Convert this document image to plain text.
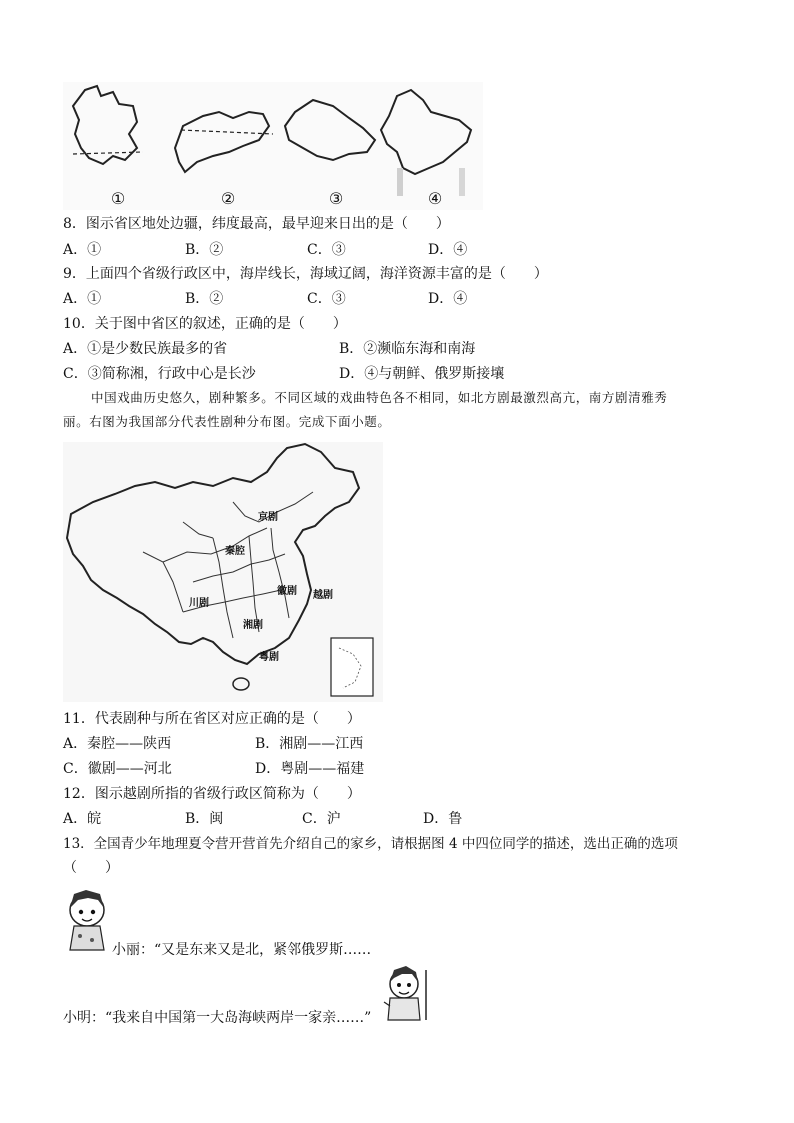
①	②	③	④
8．图示省区地处边疆，纬度最高，最早迎来日出的是（　　）
A．①	B．②	C．③	D．④
9．上面四个省级行政区中，海岸线长，海域辽阔，海洋资源丰富的是（　　）
A．①	B．②	C．③	D．④
10．关于图中省区的叙述，正确的是（　　）
A．①是少数民族最多的省	B．②濒临东海和南海
C．③简称湘，行政中心是长沙	D．④与朝鲜、俄罗斯接壤
中国戏曲历史悠久，剧种繁多。不同区域的戏曲特色各不相同，如北方剧最激烈高亢，南方剧清雅秀
丽。右图为我国部分代表性剧种分布图。完成下面小题。
京剧
秦腔
川剧
徽剧 越剧
湘剧
粤剧
11．代表剧种与所在省区对应正确的是（　　）
A．秦腔——陕西	B．湘剧——江西
C．徽剧——河北	D．粤剧——福建
12．图示越剧所指的省级行政区简称为（　　）
A．皖	B．闽	C．沪	D．鲁
13．全国青少年地理夏令营开营首先介绍自己的家乡，请根据图 4 中四位同学的描述，选出正确的选项
（　　）
小丽：“又是东来又是北，紧邻俄罗斯……
小明：“我来自中国第一大岛海峡两岸一家亲……”
